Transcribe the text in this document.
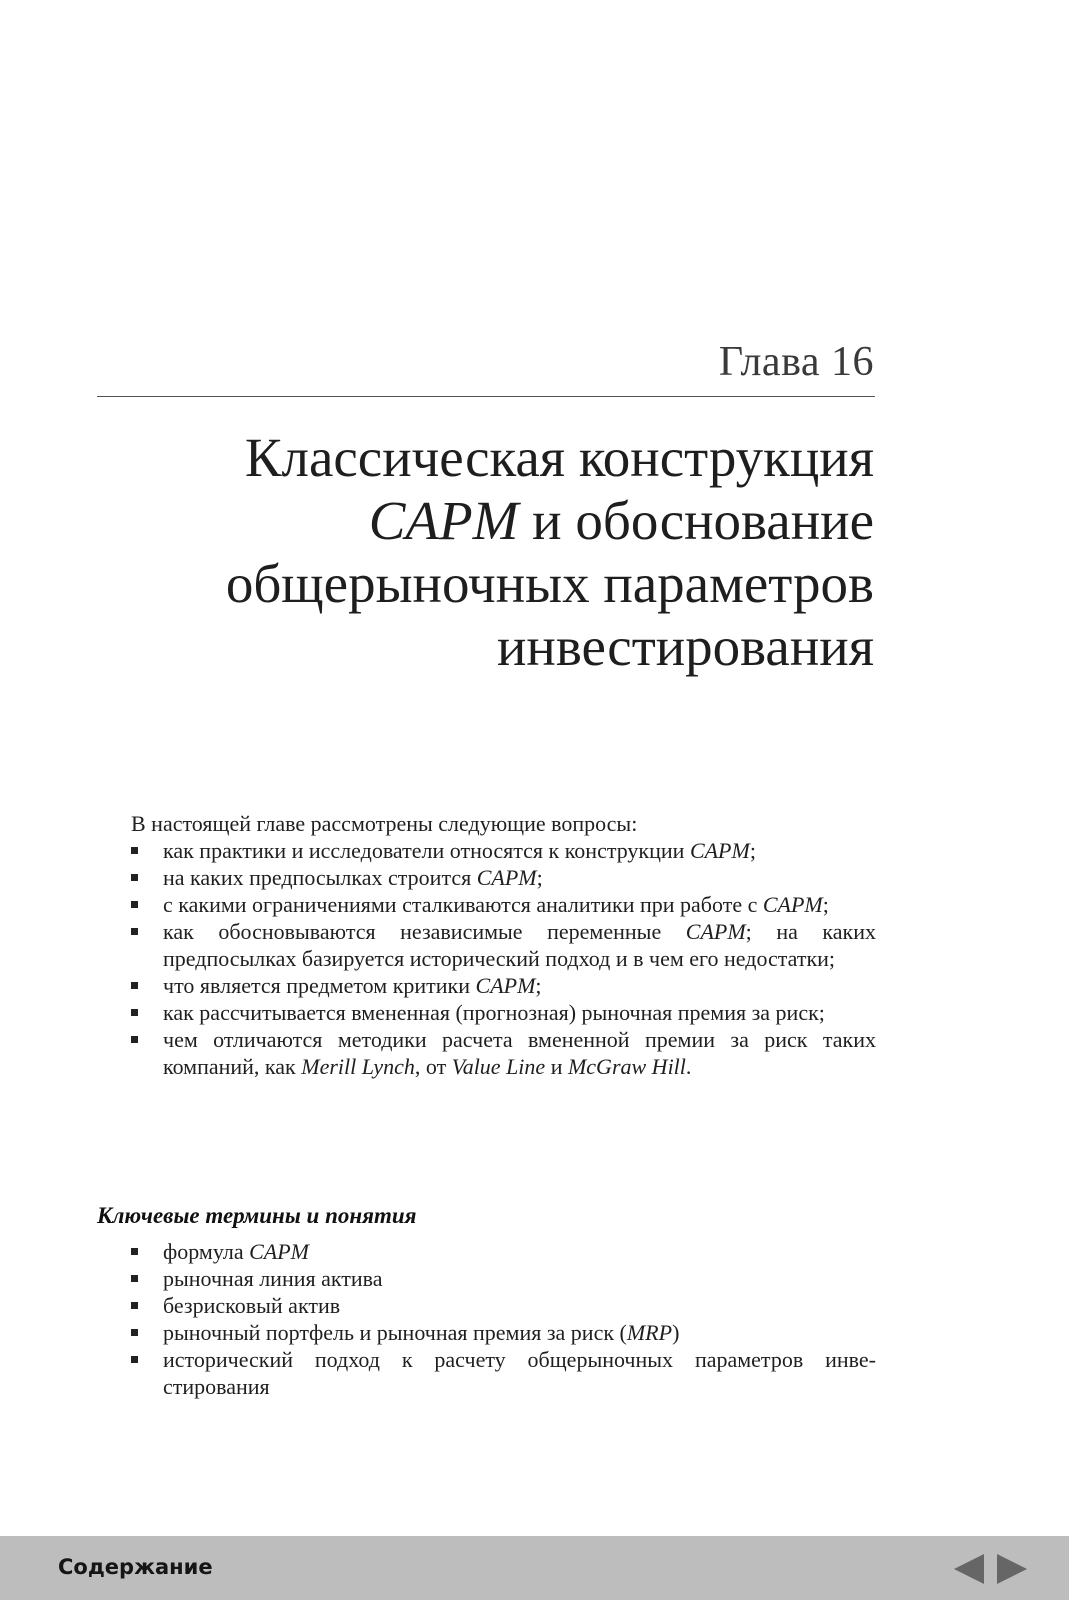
Глава 16
Классическая конструкция
CAPM и обоснование
общерыночных параметров
инвестирования

В настоящей главе рассмотрены следующие вопросы:

как практики и исследователи относятся к конструкции CAPM;
на каких предпосылках строится CAPM;
с какими ограничениями сталкиваются аналитики при работе с CAPM;
как обосновываются независимые переменные CAPM; на каких предпосылках базируется исторический подход и в чем его недостатки;
что является предметом критики CAPM;
как рассчитывается вмененная (прогнозная) рыночная премия за риск;
чем отличаются методики расчета вмененной премии за риск таких компаний, как Merill Lynch, от Value Line и McGraw Hill.
Ключевые термины и понятия
формула CAPM
рыночная линия актива
безрисковый актив
рыночный портфель и рыночная премия за риск (MRP)
исторический подход к расчету общерыночных параметров инвестирования
Содержание
